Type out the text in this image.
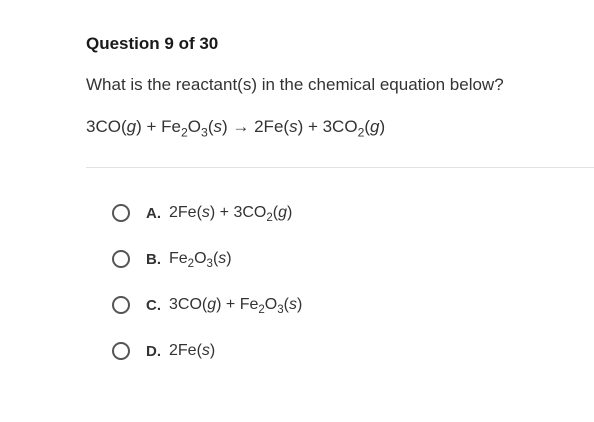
Question 9 of 30
What is the reactant(s) in the chemical equation below?
$3CO(g) + Fe_2O_3(s) \to 2Fe(s) + 3CO_2(g)$
A. $2Fe(s) + 3CO_2(g)$
B. $Fe_2O_3(s)$
C. $3CO(g) + Fe_2O_3(s)$
D. 2Fe(s)
